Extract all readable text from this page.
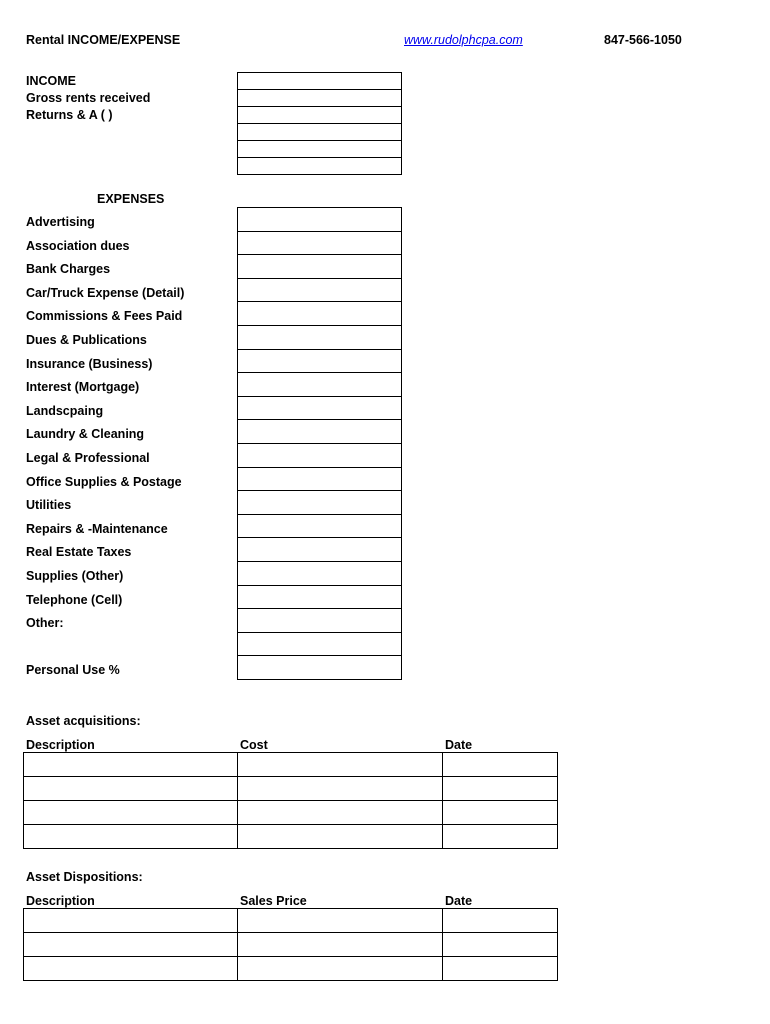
Rental INCOME/EXPENSE	www.rudolphcpa.com	847-566-1050
INCOME
Gross rents received
Returns & A ( )
EXPENSES
Advertising
Association dues
Bank Charges
Car/Truck Expense (Detail)
Commissions & Fees Paid
Dues & Publications
Insurance (Business)
Interest (Mortgage)
Landscpaing
Laundry & Cleaning
Legal & Professional
Office Supplies & Postage
Utilities
Repairs & -Maintenance
Real Estate Taxes
Supplies (Other)
Telephone (Cell)
Other:
Personal Use %
Asset acquisitions:
Description	Cost	Date

Asset Dispositions:
Description	Sales Price	Date
